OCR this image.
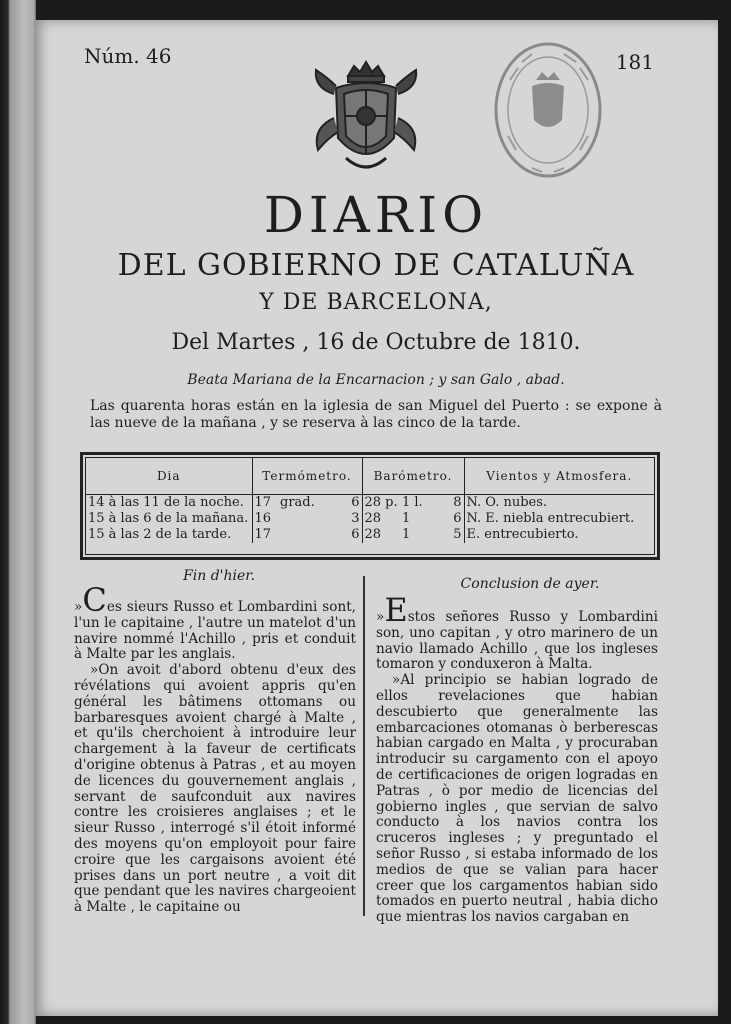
Núm. 46	181
DIARIO
DEL GOBIERNO DE CATALUÑA
Y DE BARCELONA,
Del Martes , 16 de Octubre de 1810.
Beata Mariana de la Encarnacion ; y san Galo , abad.
Las quarenta horas están en la iglesia de san Miguel del Puerto : se expone à las nueve de la mañana , y se reserva à las cinco de la tarde.
Dia	Termómetro.			Barómetro.			Vientos y Atmosfera.
14 à las 11 de la noche.	17	grad.	6	28 p.	1 l.	8	N. O. nubes.
15 à las 6 de la mañana.	16		3	28	1	6	N. E. niebla entrecubiert.
15 à las 2 de la tarde.	17		6	28	1	5	E. entrecubierto.
Fin d'hier.

»Ces sieurs Russo et Lombardini sont, l'un le capitaine , l'autre un matelot d'un navire nommé l'Achillo , pris et conduit à Malte par les anglais.

»On avoit d'abord obtenu d'eux des révélations qui avoient appris qu'en général les bâtimens ottomans ou barbaresques avoient chargé à Malte , et qu'ils cherchoient à introduire leur chargement à la faveur de certificats d'origine obtenus à Patras , et au moyen de licences du gouvernement anglais , servant de saufconduit aux navires contre les croisieres anglaises ; et le sieur Russo , interrogé s'il étoit informé des moyens qu'on employoit pour faire croire que les cargaisons avoient été prises dans un port neutre , a voit dit que pendant que les navires chargeoient à Malte , le capitaine ou

Conclusion de ayer.

»Estos señores Russo y Lombardini son, uno capitan , y otro marinero de un navio llamado Achillo , que los ingleses tomaron y conduxeron à Malta.

»Al principio se habian logrado de ellos revelaciones que habian descubierto que generalmente las embarcaciones otomanas ò berberescas habian cargado en Malta , y procuraban introducir su cargamento con el apoyo de certificaciones de origen logradas en Patras , ò por medio de licencias del gobierno ingles , que servian de salvo conducto à los navios contra los cruceros ingleses ; y preguntado el señor Russo , si estaba informado de los medios de que se valian para hacer creer que los cargamentos habian sido tomados en puerto neutral , habia dicho que mientras los navios cargaban en
